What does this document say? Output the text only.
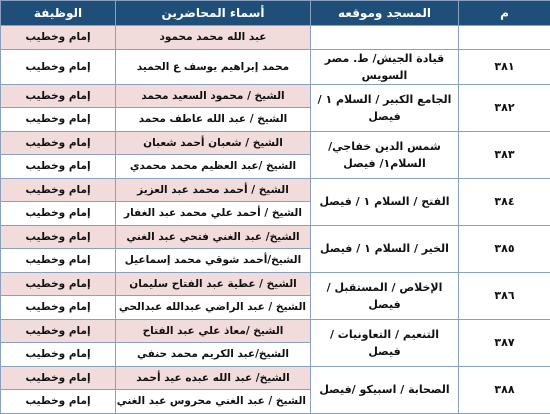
م	المسجد وموقعه	أسماء المحاضرين	الوظيفة
		عبد الله محمد محمود	إمام وخطيب
٣٨١	قيادة الجيش/ ط. مصر السويس	محمد إبراهيم يوسف ع الحميد	إمام وخطيب
٣٨٢	الجامع الكبير / السلام ١ /فيصل	الشيخ / محمود السعيد محمد	إمام وخطيب
		الشيخ / عبد الله عاطف محمد	إمام وخطيب
٣٨٣	شمس الدين خفاجي/ السلام١/ فيصل	الشيخ / شعبان أحمد شعبان	إمام وخطيب
		الشيخ /عبد العظيم محمد محمدي	إمام وخطيب
٣٨٤	الفتح / السلام ١ / فيصل	الشيخ / أحمد محمد عبد العزيز	إمام وخطيب
		الشيخ / أحمد علي محمد عبد الغفار	إمام وخطيب
٣٨٥	الخير / السلام ١ / فيصل	الشيخ/ عبد الغني فتحي عبد الغني	إمام وخطيب
		الشيخ/أحمد شوقي محمد إسماعيل	إمام وخطيب
٣٨٦	الإخلاص / المستقبل / فيصل	الشيخ / عطية عبد الفتاح سليمان	إمام وخطيب
		الشيخ / عبد الراضي عبدالله عبدالحي	إمام وخطيب
٣٨٧	التنعيم / التعاونيات / فيصل	الشيخ /معاذ علي عبد الفتاح	إمام وخطيب
		الشيخ/عبد الكريم محمد حنفي	إمام وخطيب
٣٨٨	الصحابة / اسبيكو /فيصل	الشيخ/ عبد الله عبده عيد أحمد	إمام وخطيب
		الشيخ / عبد الغني محروس عبد الغني	إمام وخطيب
